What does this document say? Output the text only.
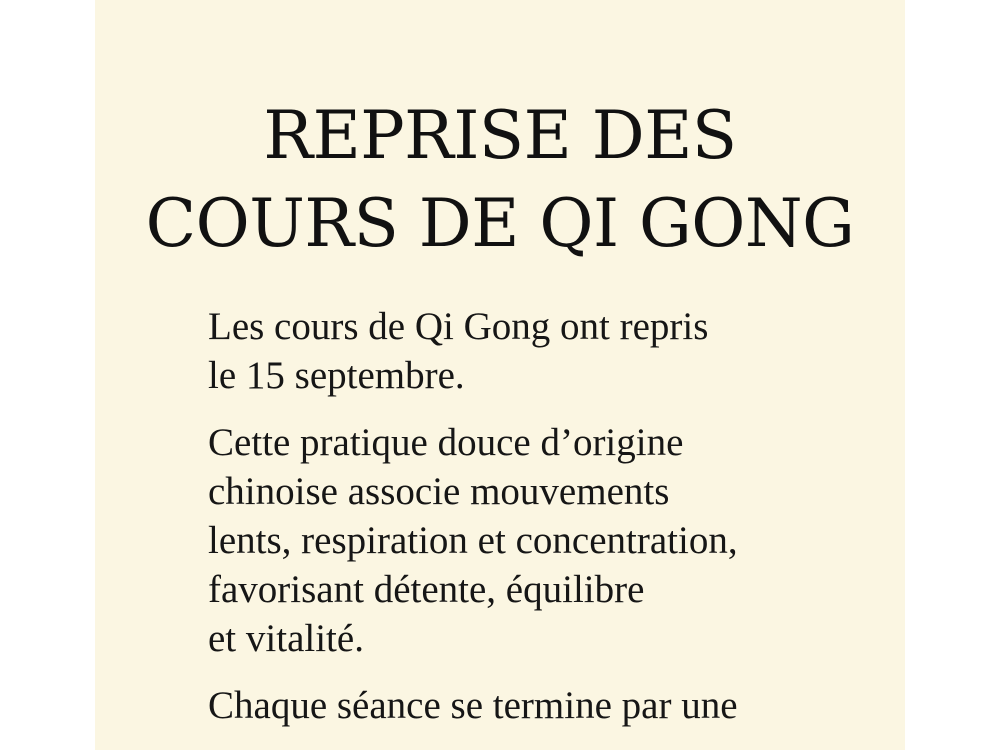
REPRISE DES
COURS DE QI GONG

Les cours de Qi Gong ont repris
le 15 septembre.

Cette pratique douce d’origine
chinoise associe mouvements
lents, respiration et concentration,
favorisant détente, équilibre
et vitalité.

Chaque séance se termine par une
